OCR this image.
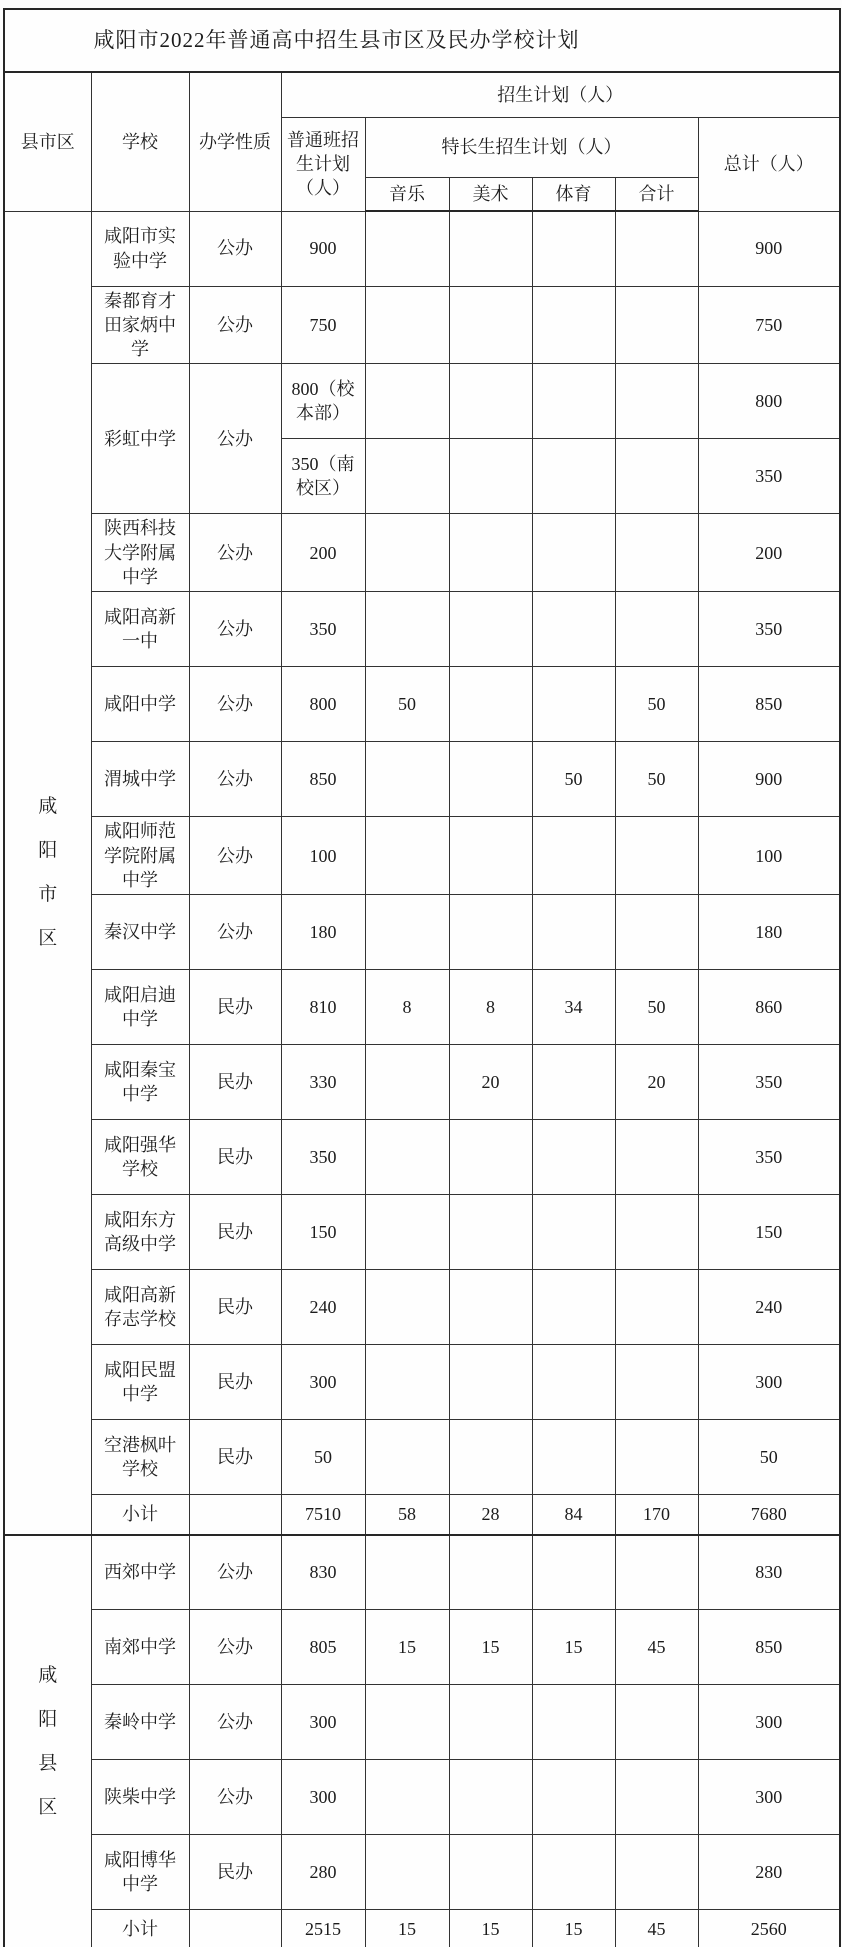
咸阳市2022年普通高中招生县市区及民办学校计划								
县市区	学校	办学性质	招生计划（人）					
			普通班招生计划（人）	特长生招生计划（人）				总计（人）
				音乐	美术	体育	合计	

咸阳市区	咸阳市实验中学	公办	900					900
	秦都育才田家炳中学	公办	750					750
	彩虹中学	公办	800（校本部）					800
			350（南校区）					350
	陕西科技大学附属中学	公办	200					200
	咸阳高新一中	公办	350					350
	咸阳中学	公办	800	50			50	850
	渭城中学	公办	850			50	50	900
	咸阳师范学院附属中学	公办	100					100
	秦汉中学	公办	180					180
	咸阳启迪中学	民办	810	8	8	34	50	860
	咸阳秦宝中学	民办	330		20		20	350
	咸阳强华学校	民办	350					350
	咸阳东方高级中学	民办	150					150
	咸阳高新存志学校	民办	240					240
	咸阳民盟中学	民办	300					300
	空港枫叶学校	民办	50					50
	小计		7510	58	28	84	170	7680

咸阳县区	西郊中学	公办	830					830
	南郊中学	公办	805	15	15	15	45	850
	秦岭中学	公办	300					300
	陕柴中学	公办	300					300
	咸阳博华中学	民办	280					280
	小计		2515	15	15	15	45	2560
